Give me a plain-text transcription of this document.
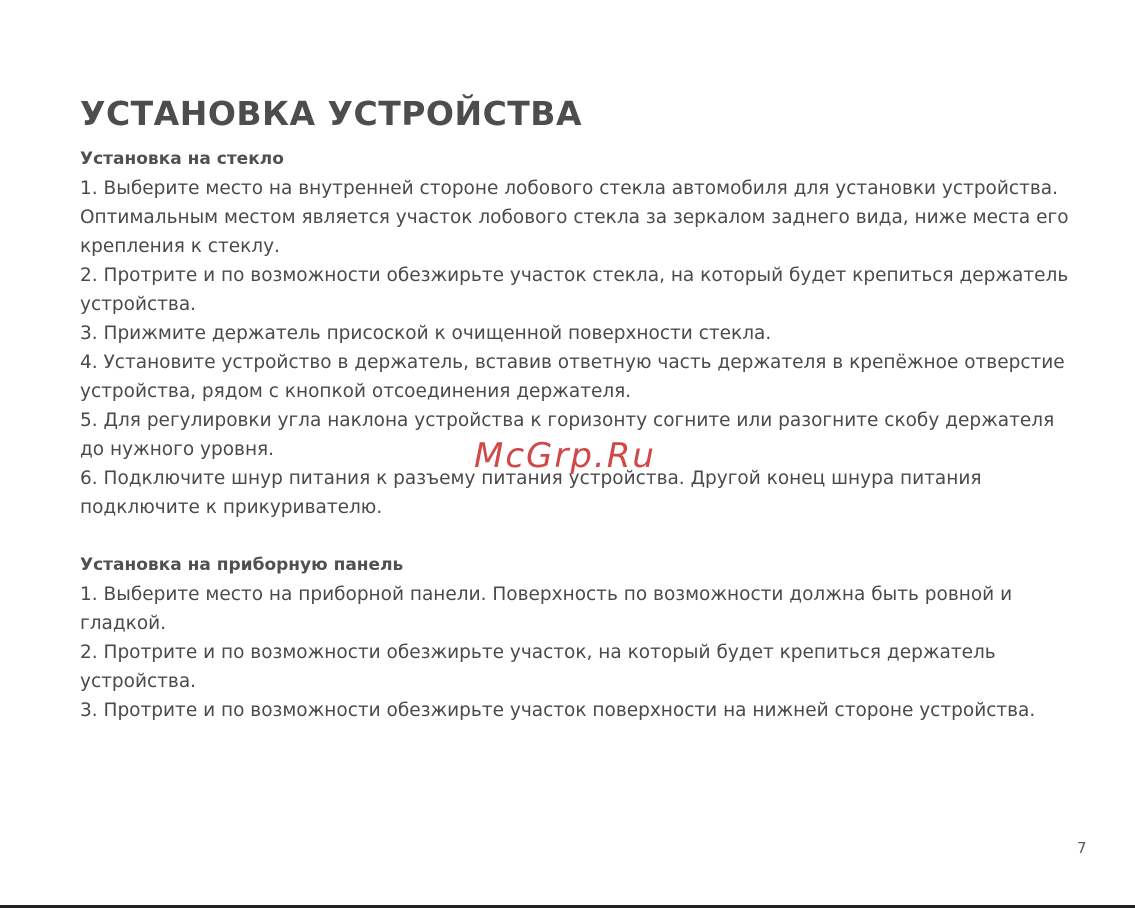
УСТАНОВКА УСТРОЙСТВА

Установка на стекло

1. Выберите место на внутренней стороне лобового стекла автомобиля для установки устройства. Оптимальным местом является участок лобового стекла за зеркалом заднего вида, ниже места его крепления к стеклу.

2. Протрите и по возможности обезжирьте участок стекла, на который будет крепиться держатель устройства.

3. Прижмите держатель присоской к очищенной поверхности стекла.

4. Установите устройство в держатель, вставив ответную часть держателя в крепёжное отверстие устройства, рядом с кнопкой отсоединения держателя.

5. Для регулировки угла наклона устройства к горизонту согните или разогните скобу держателя до нужного уровня.

6. Подключите шнур питания к разъему питания устройства. Другой конец шнура питания подключите к прикуривателю.

Установка на приборную панель

1. Выберите место на приборной панели. Поверхность по возможности должна быть ровной и гладкой.

2. Протрите и по возможности обезжирьте участок, на который будет крепиться держатель устройства.

3. Протрите и по возможности обезжирьте участок поверхности на нижней стороне устройства.

McGrp.Ru
7
